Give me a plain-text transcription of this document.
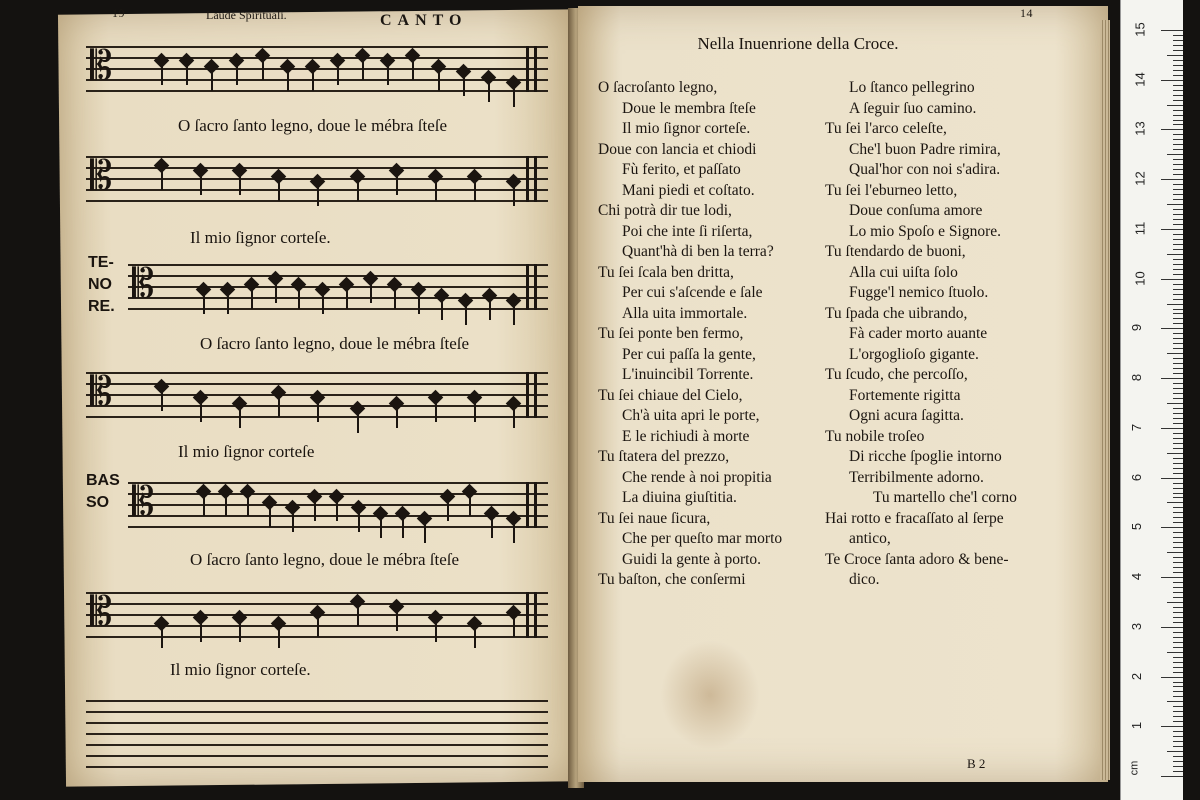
19	Laude Spirituali.	CANTO
𝄡
O ſacro ſanto legno, doue le mébra ſteſe
𝄡
Il mio ſignor corteſe.
TE-
NO
RE. 𝄡
O ſacro ſanto legno, doue le mébra ſteſe
𝄡
Il mio ſignor corteſe
BAS
SO 𝄡
O ſacro ſanto legno, doue le mébra ſteſe
𝄡
Il mio ſignor corteſe.
14
Nella Inuenrione della Croce.
O ſacroſanto legno,
Doue le membra ſteſe
Il mio ſignor corteſe.
Doue con lancia et chiodi
Fù ferito, et paſſato
Mani piedi et coſtato.
Chi potrà dir tue lodi,
Poi che inte ſi riſerta,
Quant'hà di ben la terra?
Tu ſei ſcala ben dritta,
Per cui s'aſcende e ſale
Alla uita immortale.
Tu ſei ponte ben fermo,
Per cui paſſa la gente,
L'inuincibil Torrente.
Tu ſei chiaue del Cielo,
Ch'à uita apri le porte,
E le richiudi à morte
Tu ſtatera del prezzo,
Che rende à noi propitia
La diuina giuſtitia.
Tu ſei naue ſicura,
Che per queſto mar morto
Guidi la gente à porto.
Tu baſton, che conſermi
Lo ſtanco pellegrino
A ſeguir ſuo camino.
Tu ſei l'arco celeſte,
Che'l buon Padre rimira,
Qual'hor con noi s'adira.
Tu ſei l'eburneo letto,
Doue conſuma amore
Lo mio Spoſo e Signore.
Tu ſtendardo de buoni,
Alla cui uiſta ſolo
Fugge'l nemico ſtuolo.
Tu ſpada che uibrando,
Fà cader morto auante
L'orgoglioſo gigante.
Tu ſcudo, che percoſſo,
Fortemente rigitta
Ogni acura ſagitta.
Tu nobile troſeo
Di ricche ſpoglie intorno
Terribilmente adorno.
Tu martello che'l corno
Hai rotto e fracaſſato al ſerpe
antico,
Te Croce ſanta adoro & bene-
dico.
B 2	cm
1
2
3
4
5
6
7
8
9
10
11
12
13
14
15
